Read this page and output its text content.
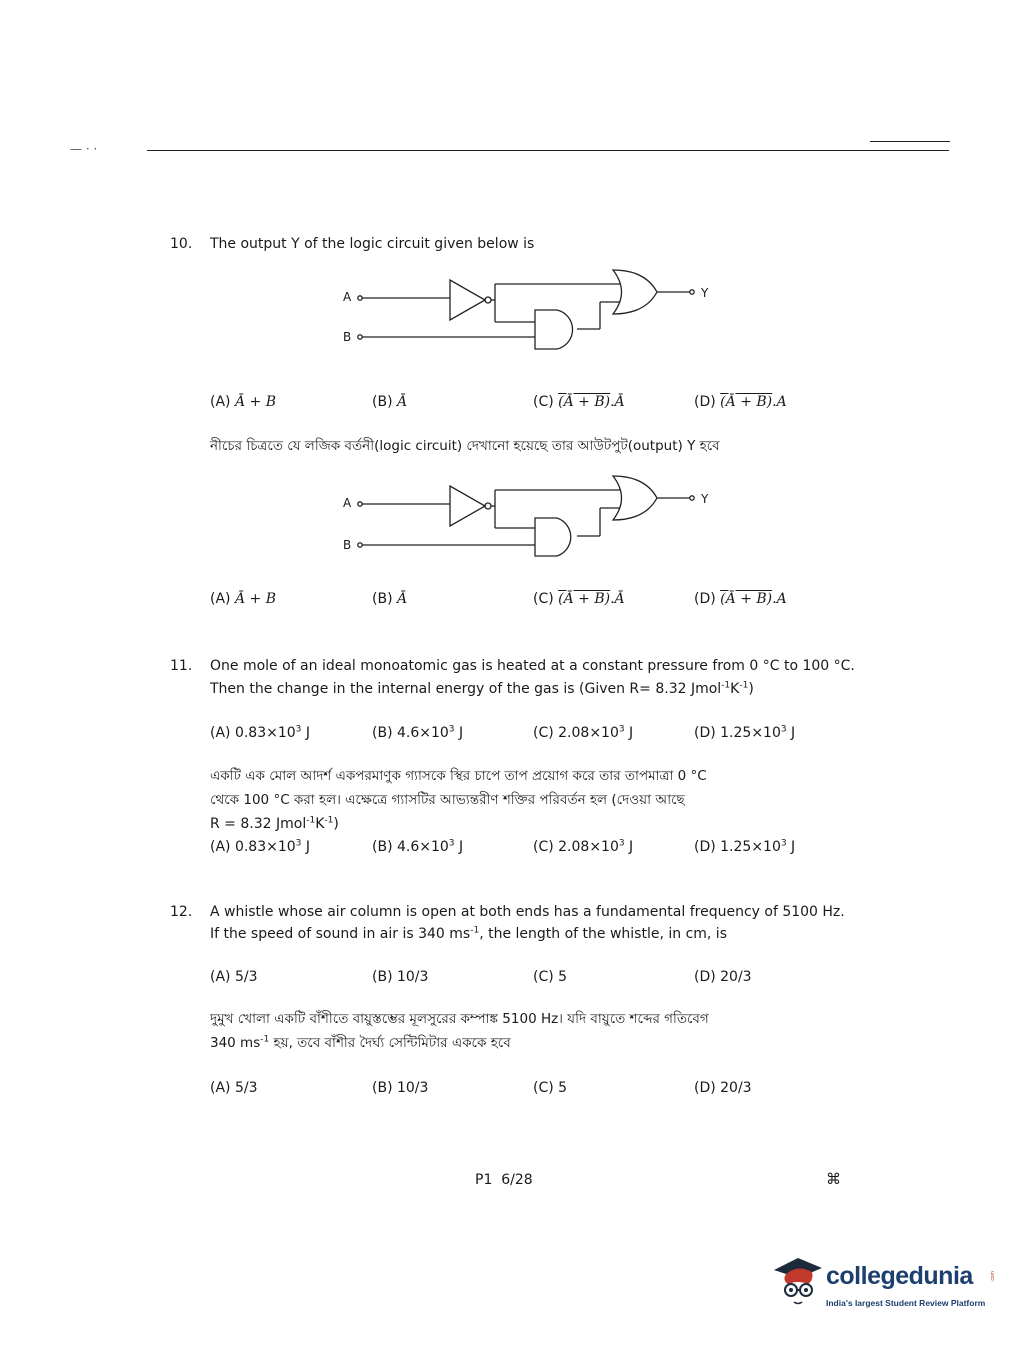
— · ·
10. The output Y of the logic circuit given below is
A
B
Y
(A) Ā + B	(B) Ā	(C) (Ā + B).Ā	(D) (Ā + B).A
নীচের চিত্রতে যে লজিক বর্তনী(logic circuit) দেখানো হয়েছে তার আউটপুট(output) Y হবে
A
B
Y
(A) Ā + B	(B) Ā	(C) (Ā + B).Ā	(D) (Ā + B).A
11. One mole of an ideal monoatomic gas is heated at a constant pressure from 0 °C to 100 °C.
Then the change in the internal energy of the gas is (Given R= 8.32 $Jmol^{-1}K^{-1}$)
(A) $0.83\times 10^3$ J	(B) $4.6\times 10^3$ J	(C) $2.08\times 10^3$ J	(D) $1.25\times 10^3$ J
একটি এক মোল আদর্শ একপরমাণুক গ্যাসকে স্থির চাপে তাপ প্রয়োগ করে তার তাপমাত্রা 0 °C
থেকে 100 °C করা হল। এক্ষেত্রে গ্যাসটির আভ্যন্তরীণ শক্তির পরিবর্তন হল (দেওয়া আছে
R = 8.32 $Jmol^{-1}K^{-1}$)
(A) $0.83\times 10^3$ J	(B) $4.6\times 10^3$ J	(C) $2.08\times 10^3$ J	(D) $1.25\times 10^3$ J
12. A whistle whose air column is open at both ends has a fundamental frequency of 5100 Hz.
If the speed of sound in air is 340 $ms^{-1}$, the length of the whistle, in cm, is
(A) 5/3	(B) 10/3	(C) 5	(D) 20/3
দুমুখ খোলা একটি বাঁশীতে বায়ুস্তম্ভের মূলসুরের কম্পাঙ্ক 5100 Hz। যদি বায়ুতে শব্দের গতিবেগ
340 $ms^{-1}$ হয়, তবে বাঁশীর দৈর্ঘ্য সেন্টিমিটার এককে হবে
(A) 5/3	(B) 10/3	(C) 5	(D) 20/3
P1  6/28	⌘
collegedunia	.com
India's largest Student Review Platform
